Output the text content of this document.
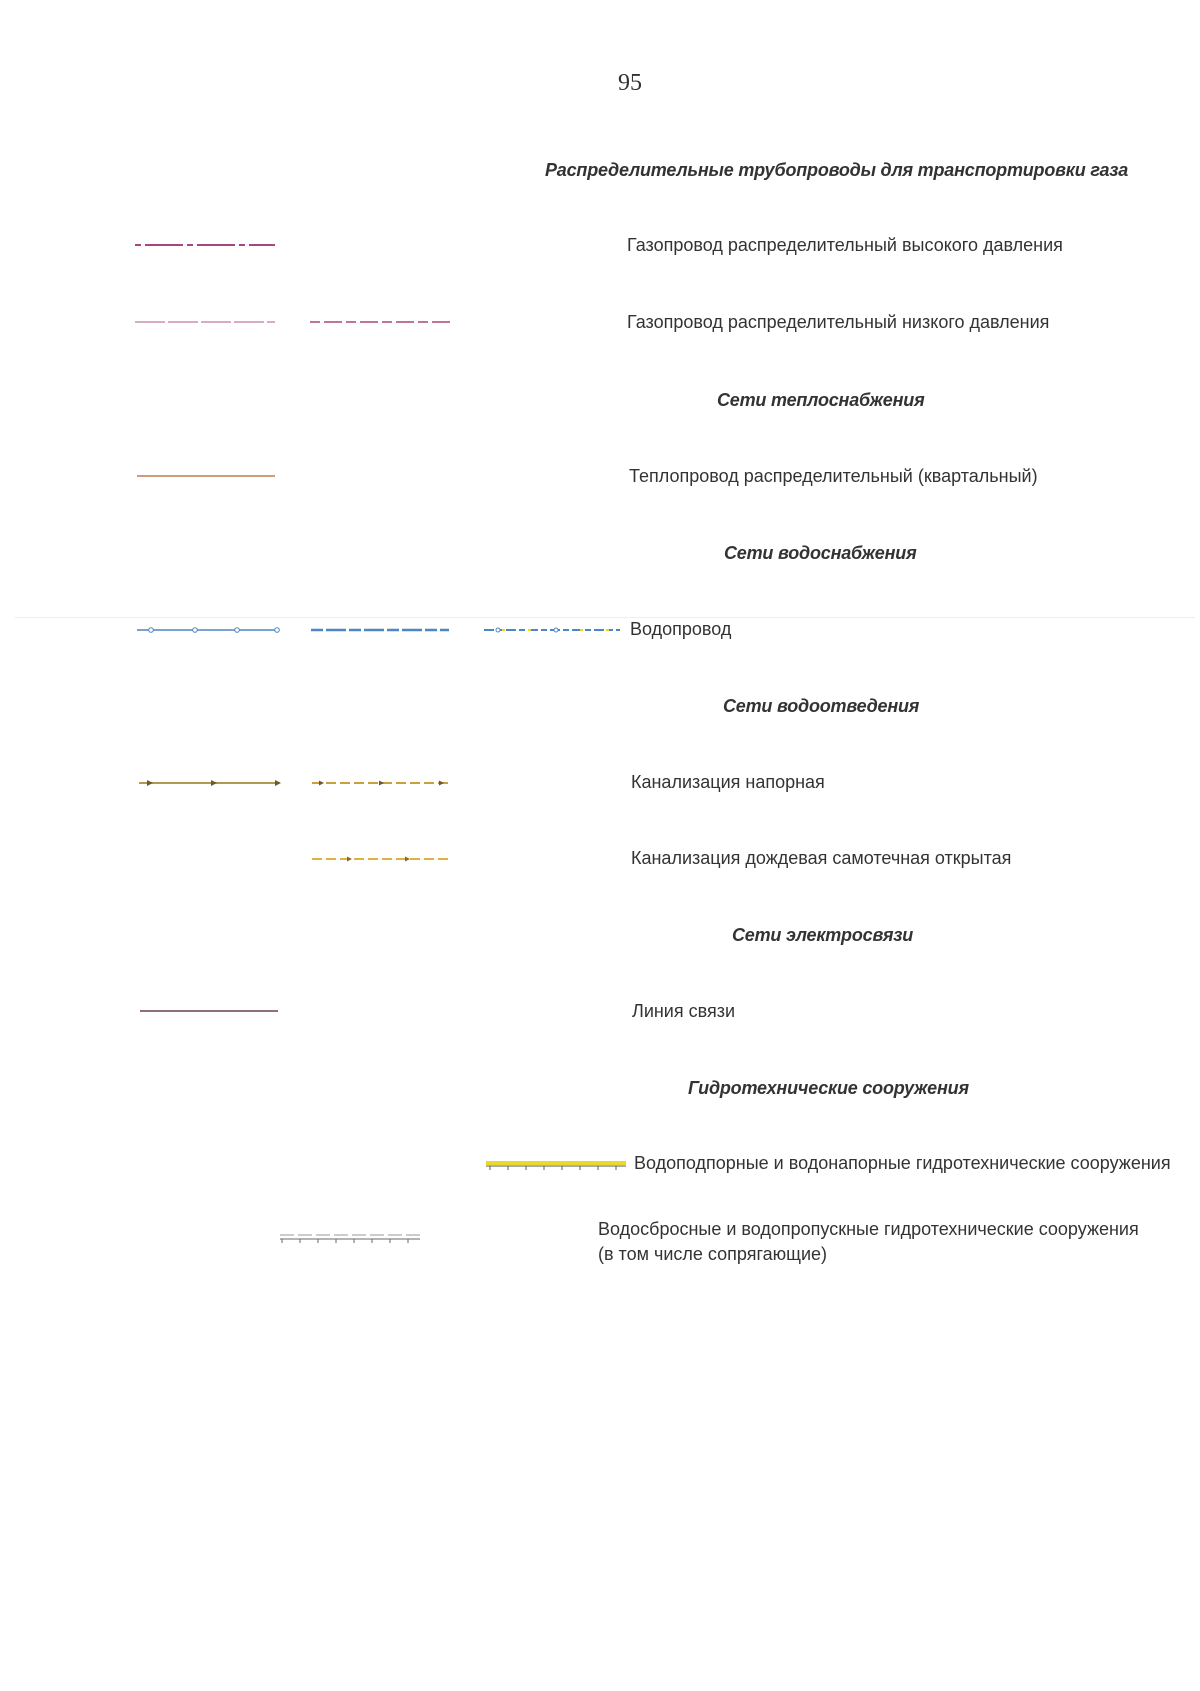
95
Распределительные трубопроводы для транспортировки газа
Газопровод распределительный высокого давления
Газопровод распределительный низкого давления
Сети теплоснабжения
Теплопровод распределительный (квартальный)
Сети водоснабжения
Водопровод
Сети водоотведения
Канализация напорная
Канализация дождевая самотечная открытая
Сети электросвязи
Линия связи
Гидротехнические сооружения
Водоподпорные и водонапорные гидротехнические сооружения
Водосбросные и водопропускные гидротехнические сооружения
(в том числе сопрягающие)
